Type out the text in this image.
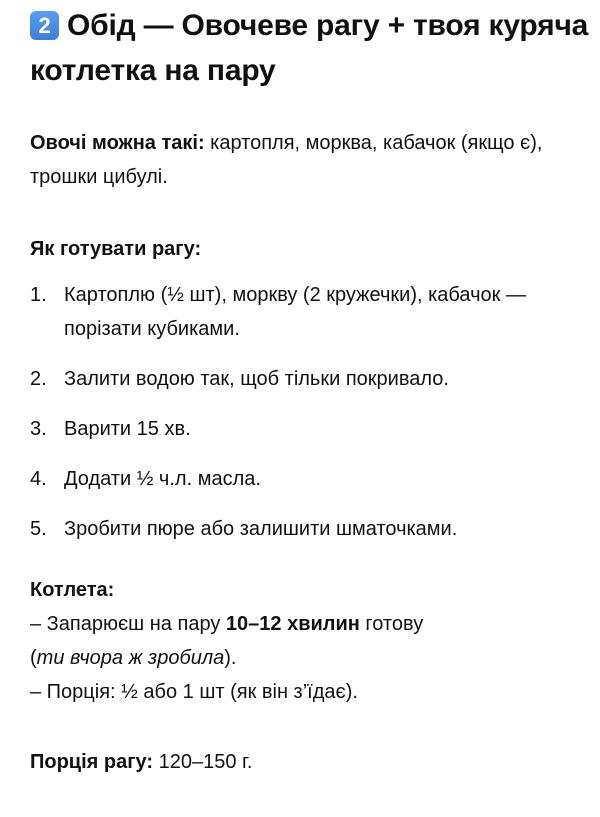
2 Обід — Овочеве рагу + твоя куряча котлетка на пару
Овочі можна такі: картопля, морква, кабачок (якщо є), трошки цибулі.
Як готувати рагу:
1. Картоплю (½ шт), моркву (2 кружечки), кабачок — порізати кубиками.
2. Залити водою так, щоб тільки покривало.
3. Варити 15 хв.
4. Додати ½ ч.л. масла.
5. Зробити пюре або залишити шматочками.
Котлета:
– Запарюєш на пару 10–12 хвилин готову
(ти вчора ж зробила).
– Порція: ½ або 1 шт (як він з’їдає).
Порція рагу: 120–150 г.
